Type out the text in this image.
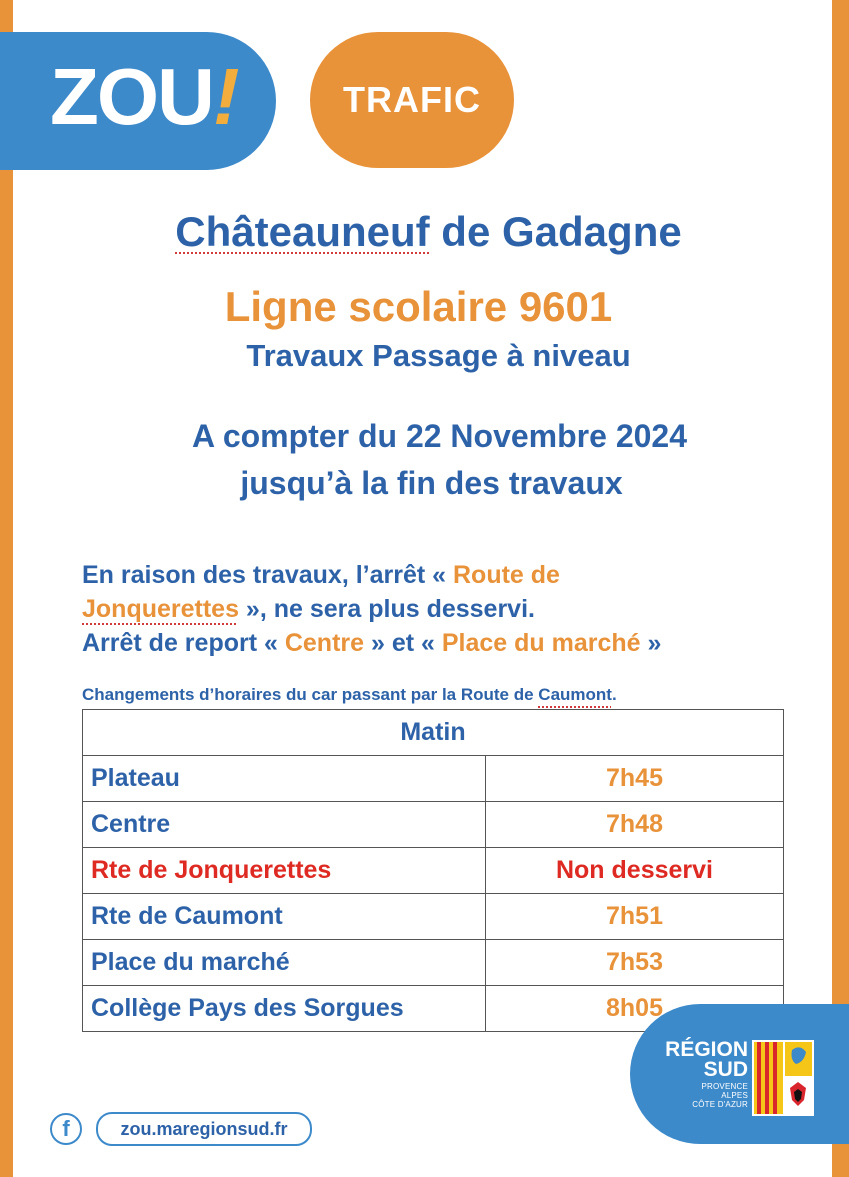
ZOU!	TRAFIC
Châteauneuf de Gadagne
Ligne scolaire 9601
Travaux Passage à niveau
A compter du 22 Novembre 2024
jusqu’à la fin des travaux
En raison des travaux, l’arrêt « Route de
Jonquerettes », ne sera plus desservi.
Arrêt de report « Centre » et « Place du marché »
Changements d’horaires du car passant par la Route de Caumont.
Matin	
Plateau	7h45
Centre	7h48
Rte de Jonquerettes	Non desservi
Rte de Caumont	7h51
Place du marché	7h53
Collège Pays des Sorgues	8h05
RÉGION
SUD
PROVENCE
ALPES
CÔTE D'AZUR
f	zou.maregionsud.fr
